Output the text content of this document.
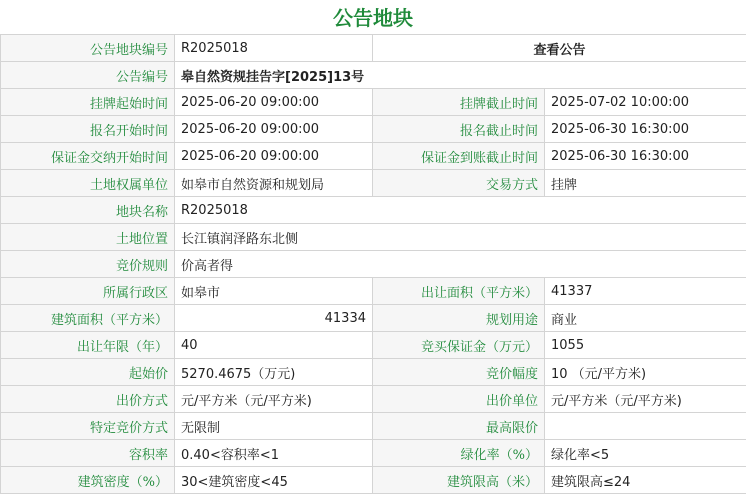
公告地块
公告地块编号	R2025018	查看公告	
公告编号	皋自然资规挂告字[2025]13号		
挂牌起始时间	2025-06-20 09:00:00	挂牌截止时间	2025-07-02 10:00:00
报名开始时间	2025-06-20 09:00:00	报名截止时间	2025-06-30 16:30:00
保证金交纳开始时间	2025-06-20 09:00:00	保证金到账截止时间	2025-06-30 16:30:00
土地权属单位	如皋市自然资源和规划局	交易方式	挂牌
地块名称	R2025018		
土地位置	长江镇润泽路东北侧		
竞价规则	价高者得		
所属行政区	如皋市	出让面积（平方米）	41337
建筑面积（平方米）	41334	规划用途	商业
出让年限（年）	40	竞买保证金（万元）	1055
起始价	5270.4675（万元)	竞价幅度	10 （元/平方米)
出价方式	元/平方米（元/平方米)	出价单位	元/平方米（元/平方米)
特定竞价方式	无限制	最高限价	
容积率	0.40<容积率<1	绿化率（%）	绿化率<5
建筑密度（%）	30<建筑密度<45	建筑限高（米）	建筑限高≤24
